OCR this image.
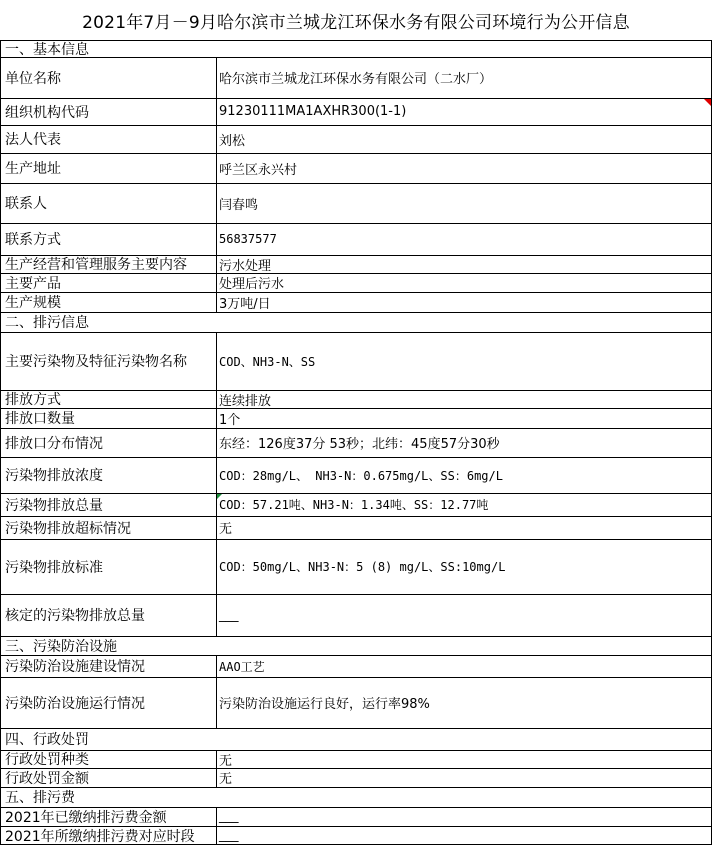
2021年7月－9月哈尔滨市兰城龙江环保水务有限公司环境行为公开信息
一、基本信息
单位名称	哈尔滨市兰城龙江环保水务有限公司（二水厂）
组织机构代码	91230111MA1AXHR300(1-1)
法人代表	刘松
生产地址	呼兰区永兴村
联系人	闫春鸣
联系方式	56837577
生产经营和管理服务主要内容	污水处理
主要产品	处理后污水
生产规模	3万吨/日
二、排污信息
主要污染物及特征污染物名称	COD、NH3-N、SS
排放方式	连续排放
排放口数量	1个
排放口分布情况	东经：126度37分 53秒；北纬：45度57分30秒
污染物排放浓度	COD：28mg/L、 NH3-N：0.675mg/L、SS：6mg/L
污染物排放总量	COD：57.21吨、NH3-N：1.34吨、SS：12.77吨
污染物排放超标情况	无
污染物排放标准	COD：50mg/L、NH3-N：5 (8) mg/L、SS:10mg/L
核定的污染物排放总量	___
三、污染防治设施
污染防治设施建设情况	AAO工艺
污染防治设施运行情况	污染防治设施运行良好，运行率98%
四、行政处罚
行政处罚种类	无
行政处罚金额	无
五、排污费
2021年已缴纳排污费金额	___
2021年所缴纳排污费对应时段	___
